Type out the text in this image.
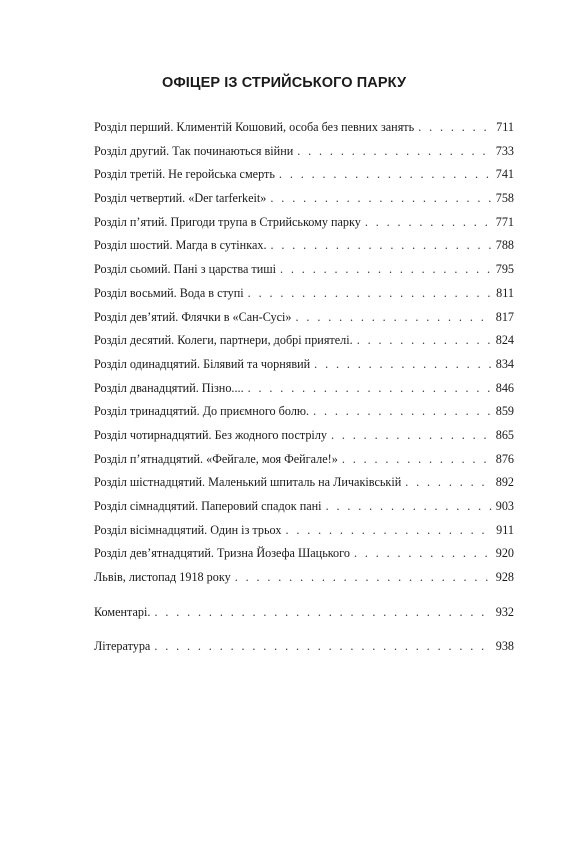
ОФІЦЕР ІЗ СТРИЙСЬКОГО ПАРКУ
Розділ перший. Климентій Кошовий, особа без певних занять . . .	711
Розділ другий. Так починаються війни . . .	733
Розділ третій. Не геройська смерть . . .	741
Розділ четвертий. «Der tarferkeit» . . .	758
Розділ п’ятий. Пригоди трупа в Стрийському парку . . .	771
Розділ шостий. Магда в сутінках. . . .	788
Розділ сьомий. Пані з царства тиші . . .	795
Розділ восьмий. Вода в ступі . . .	811
Розділ дев’ятий. Флячки в «Сан-Сусі» . . .	817
Розділ десятий. Колеги, партнери, добрі приятелі. . . .	824
Розділ одинадцятий. Білявий та чорнявий . . .	834
Розділ дванадцятий. Пізно.... . . .	846
Розділ тринадцятий. До приємного болю. . . .	859
Розділ чотирнадцятий. Без жодного пострілу . . .	865
Розділ п’ятнадцятий. «Фейгале, моя Фейгале!» . . .	876
Розділ шістнадцятий. Маленький шпиталь на Личаківській . . .	892
Розділ сімнадцятий. Паперовий спадок пані . . .	903
Розділ вісімнадцятий. Один із трьох . . .	911
Розділ дев’ятнадцятий. Тризна Йозефа Шацького . . .	920
Львів, листопад 1918 року . . .	928
Коментарі. . . .	932
Література . . .	938
